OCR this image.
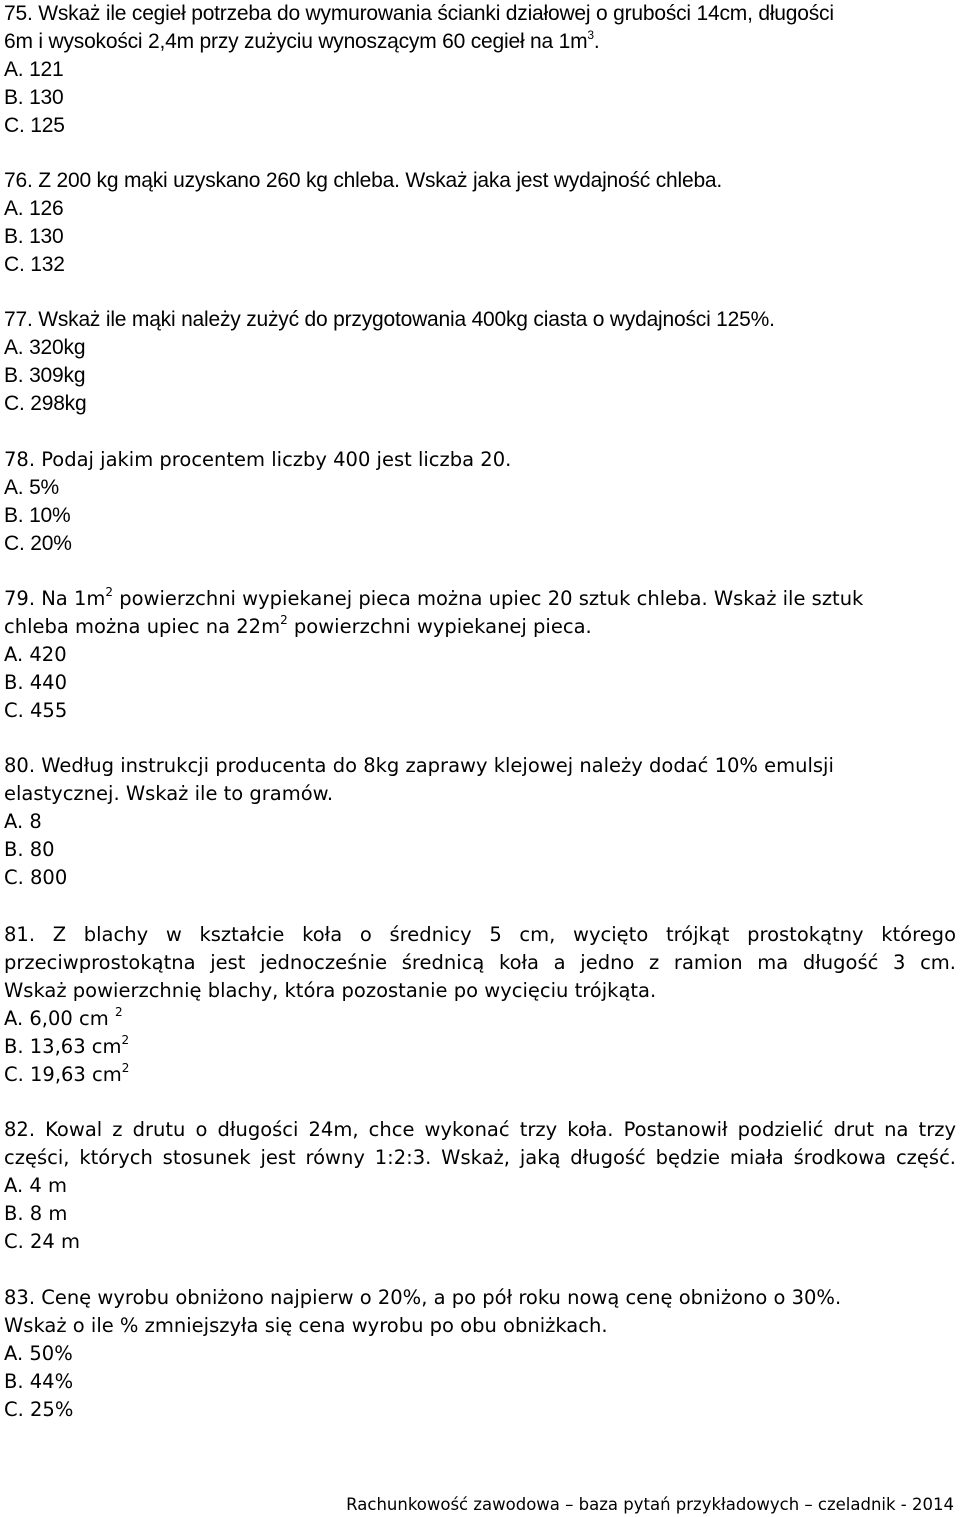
75. Wskaż ile cegieł potrzeba do wymurowania ścianki działowej o grubości 14cm, długości
6m i wysokości 2,4m przy zużyciu wynoszącym 60 cegieł na $1m^3$.
A. 121
B. 130
C. 125
76. Z 200 kg mąki uzyskano 260 kg chleba. Wskaż jaka jest wydajność chleba.
A. 126
B. 130
C. 132
77. Wskaż ile mąki należy zużyć do przygotowania 400kg ciasta o wydajności 125%.
A. 320kg
B. 309kg
C. 298kg
78. Podaj jakim procentem liczby 400 jest liczba 20.
A. 5%
B. 10%
C. 20%
79. Na $1m^2$ powierzchni wypiekanej pieca można upiec 20 sztuk chleba. Wskaż ile sztuk
chleba można upiec na $22m^2$ powierzchni wypiekanej pieca.
A. 420
B. 440
C. 455
80. Według instrukcji producenta do 8kg zaprawy klejowej należy dodać 10% emulsji
elastycznej. Wskaż ile to gramów.
A. 8
B. 80
C. 800
81. Z blachy w kształcie koła o średnicy 5 cm, wycięto trójkąt prostokątny którego
przeciwprostokątna jest jednocześnie średnicą koła a jedno z ramion ma długość 3 cm.
Wskaż powierzchnię blachy, która pozostanie po wycięciu trójkąta.
A. 6,00 cm $^2$
B. 13,63 $cm^2$
C. 19,63 $cm^2$
82. Kowal z drutu o długości 24m, chce wykonać trzy koła. Postanowił podzielić drut na trzy
części, których stosunek jest równy 1:2:3. Wskaż, jaką długość będzie miała środkowa część.
A. 4 m
B. 8 m
C. 24 m
83. Cenę wyrobu obniżono najpierw o 20%, a po pół roku nową cenę obniżono o 30%.
Wskaż o ile % zmniejszyła się cena wyrobu po obu obniżkach.
A. 50%
B. 44%
C. 25%
Rachunkowość zawodowa – baza pytań przykładowych – czeladnik - 2014
